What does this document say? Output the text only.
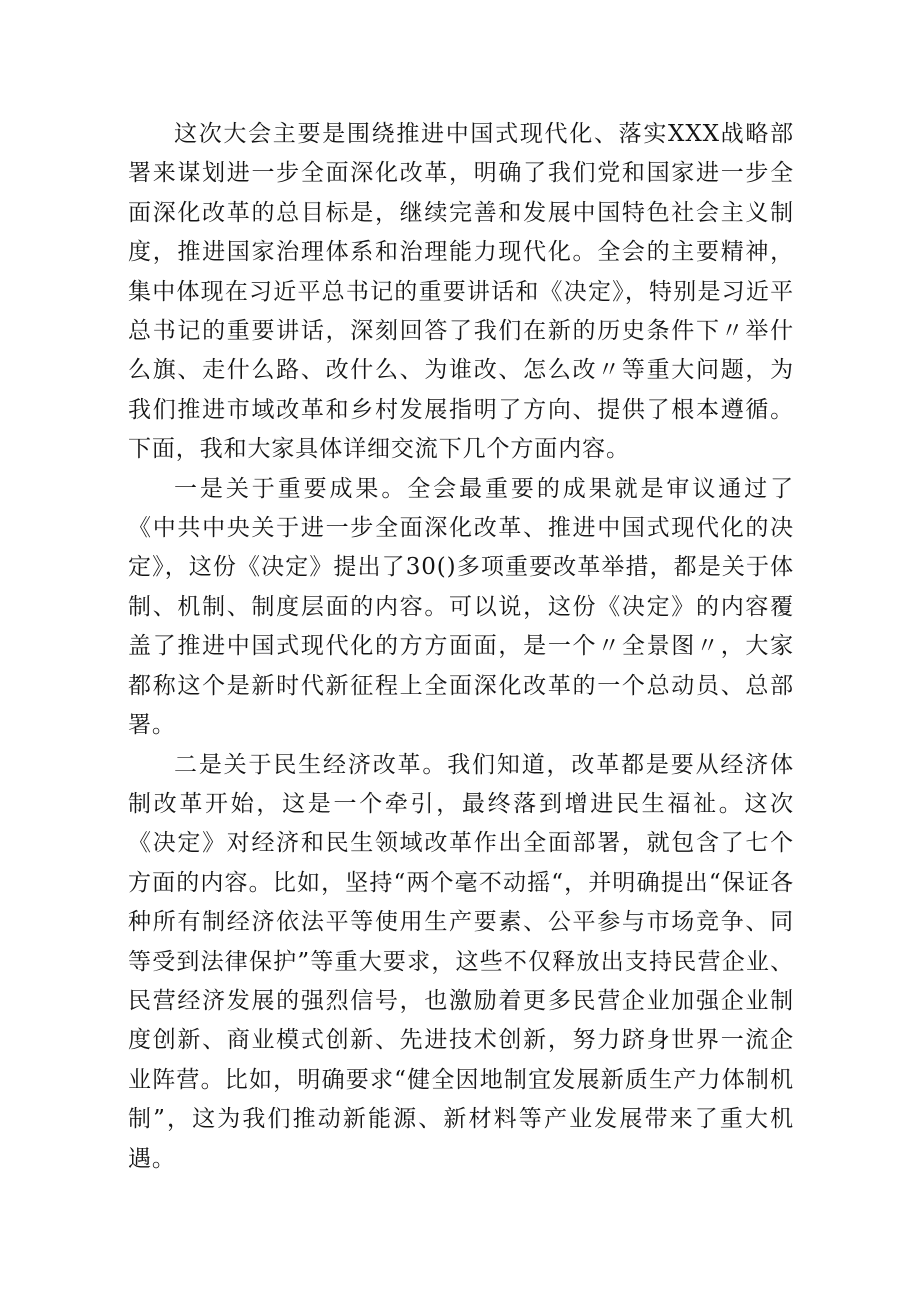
这次大会主要是围绕推进中国式现代化、落实XXX战略部署来谋划进一步全面深化改革，明确了我们党和国家进一步全面深化改革的总目标是，继续完善和发展中国特色社会主义制度，推进国家治理体系和治理能力现代化。全会的主要精神，集中体现在习近平总书记的重要讲话和《决定》，特别是习近平总书记的重要讲话，深刻回答了我们在新的历史条件下〃举什么旗、走什么路、改什么、为谁改、怎么改〃等重大问题，为我们推进市域改革和乡村发展指明了方向、提供了根本遵循。下面，我和大家具体详细交流下几个方面内容。

一是关于重要成果。全会最重要的成果就是审议通过了《中共中央关于进一步全面深化改革、推进中国式现代化的决定》，这份《决定》提出了30()多项重要改革举措，都是关于体制、机制、制度层面的内容。可以说，这份《决定》的内容覆盖了推进中国式现代化的方方面面，是一个〃全景图〃，大家都称这个是新时代新征程上全面深化改革的一个总动员、总部署。

二是关于民生经济改革。我们知道，改革都是要从经济体制改革开始，这是一个牵引，最终落到增进民生福祉。这次《决定》对经济和民生领域改革作出全面部署，就包含了七个方面的内容。比如，坚持“两个毫不动摇“，并明确提出“保证各种所有制经济依法平等使用生产要素、公平参与市场竞争、同等受到法律保护”等重大要求，这些不仅释放出支持民营企业、民营经济发展的强烈信号，也激励着更多民营企业加强企业制度创新、商业模式创新、先进技术创新，努力跻身世界一流企业阵营。比如，明确要求“健全因地制宜发展新质生产力体制机制”，这为我们推动新能源、新材料等产业发展带来了重大机遇。
